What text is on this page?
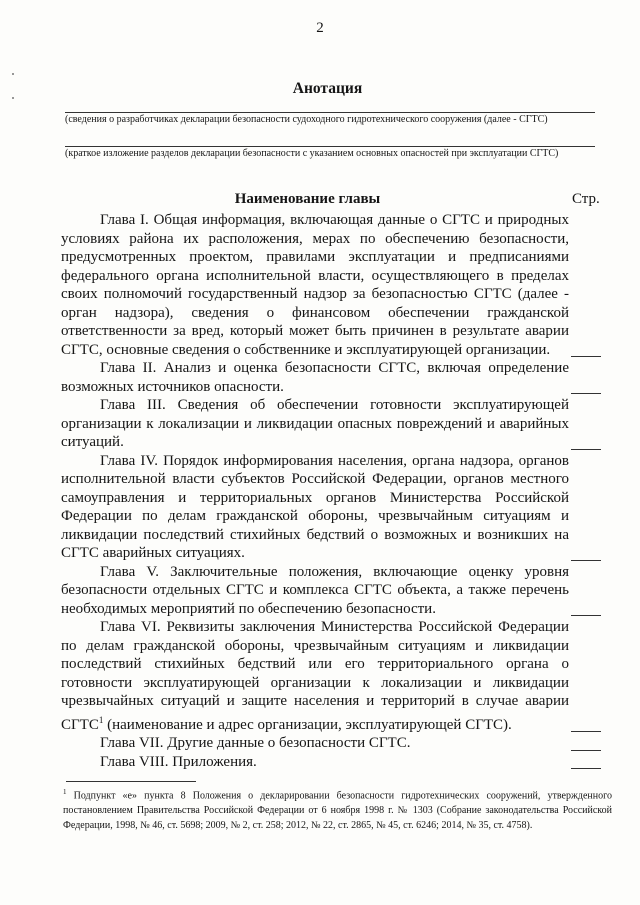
2
Анотация
(сведения о разработчиках декларации безопасности судоходного гидротехнического сооружения (далее - СГТС)
(краткое изложение разделов декларации безопасности с указанием основных опасностей при эксплуатации СГТС)
Наименование главы	Стр.

Глава I. Общая информация, включающая данные о СГТС и природных условиях района их расположения, мерах по обеспечению безопасности, предусмотренных проектом, правилами эксплуатации и предписаниями федерального органа исполнительной власти, осуществляющего в пределах своих полномочий государственный надзор за безопасностью СГТС (далее - орган надзора), сведения о финансовом обеспечении гражданской ответственности за вред, который может быть причинен в результате аварии СГТС, основные сведения о собственнике и эксплуатирующей организации.

Глава II. Анализ и оценка безопасности СГТС, включая определение возможных источников опасности.

Глава III. Сведения об обеспечении готовности эксплуатирующей организации к локализации и ликвидации опасных повреждений и аварийных ситуаций.

Глава IV. Порядок информирования населения, органа надзора, органов исполнительной власти субъектов Российской Федерации, органов местного самоуправления и территориальных органов Министерства Российской Федерации по делам гражданской обороны, чрезвычайным ситуациям и ликвидации последствий стихийных бедствий о возможных и возникших на СГТС аварийных ситуациях.

Глава V. Заключительные положения, включающие оценку уровня безопасности отдельных СГТС и комплекса СГТС объекта, а также перечень необходимых мероприятий по обеспечению безопасности.

Глава VI. Реквизиты заключения Министерства Российской Федерации по делам гражданской обороны, чрезвычайным ситуациям и ликвидации последствий стихийных бедствий или его территориального органа о готовности эксплуатирующей организации к локализации и ликвидации чрезвычайных ситуаций и защите населения и территорий в случае аварии СГТС$^1$ (наименование и адрес организации, эксплуатирующей СГТС).

Глава VII. Другие данные о безопасности СГТС.

Глава VIII. Приложения.

$^1$ Подпункт «е» пункта 8 Положения о декларировании безопасности гидротехнических сооружений, утвержденного постановлением Правительства Российской Федерации от 6 ноября 1998 г. № 1303 (Собрание законодательства Российской Федерации, 1998, № 46, ст. 5698; 2009, № 2, ст. 258; 2012, № 22, ст. 2865, № 45, ст. 6246; 2014, № 35, ст. 4758).
